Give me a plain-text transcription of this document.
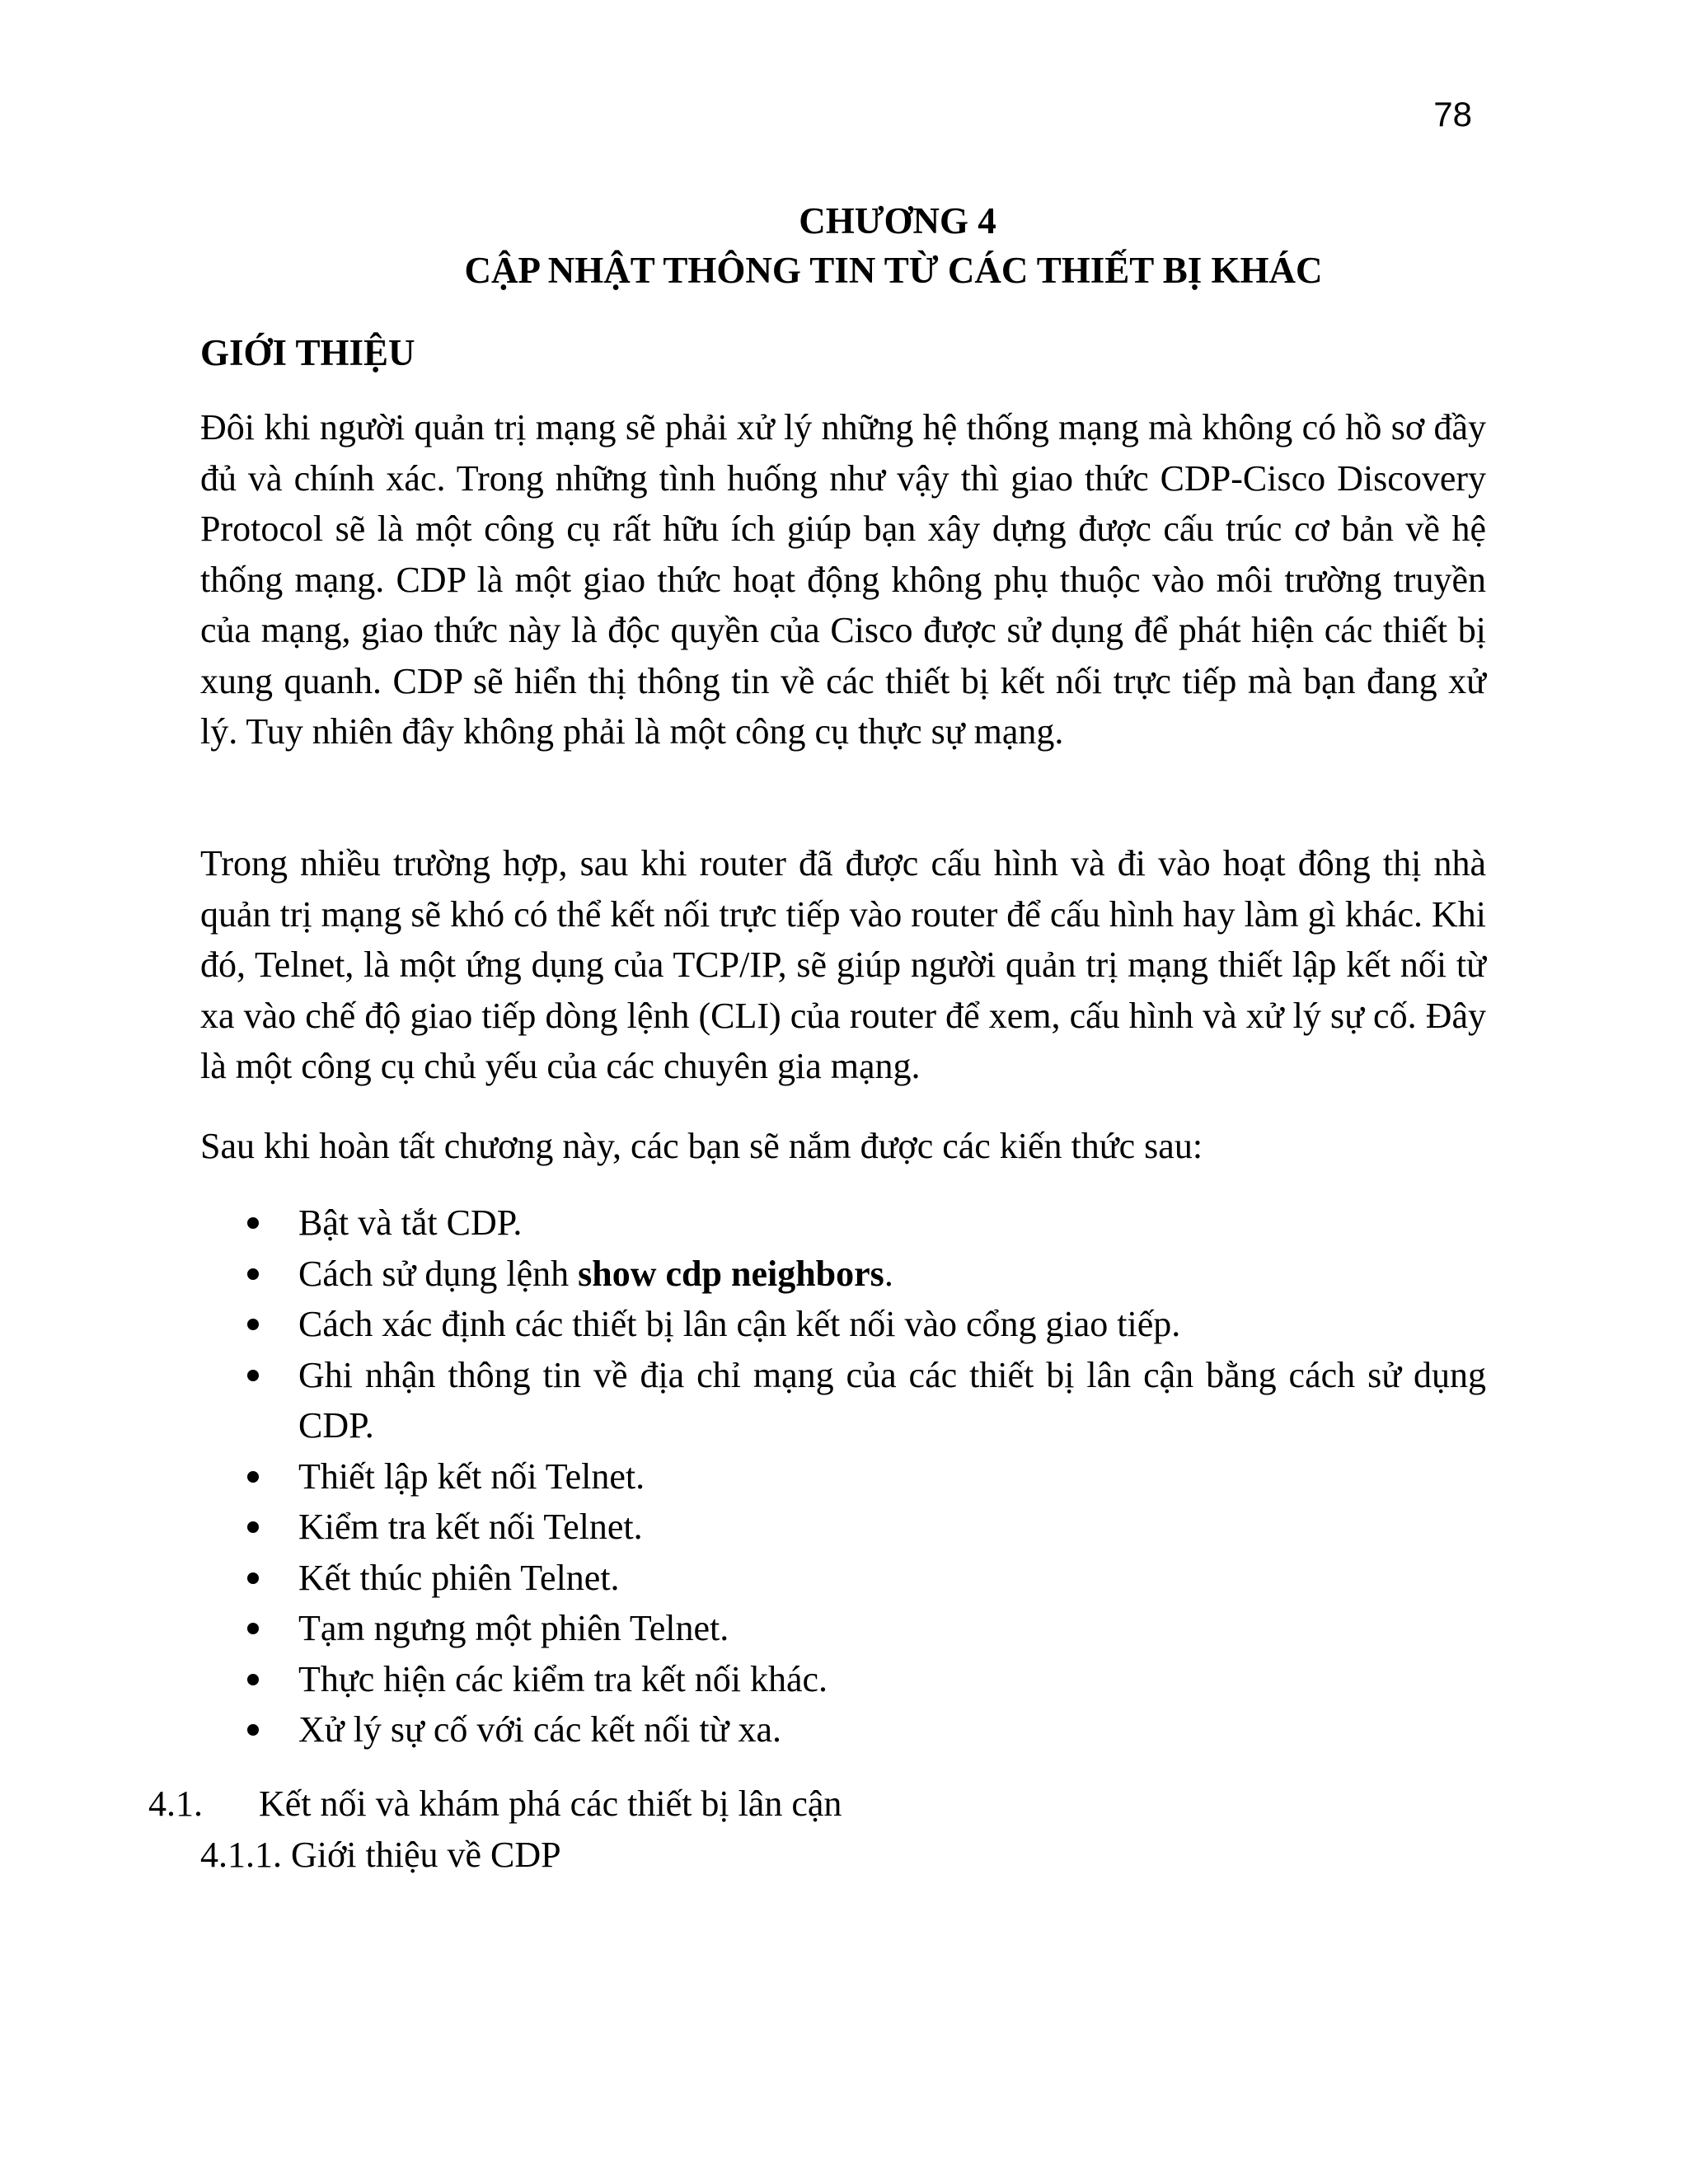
78
CHƯƠNG 4
CẬP NHẬT THÔNG TIN TỪ CÁC THIẾT BỊ KHÁC
GIỚI THIỆU

Đôi khi người quản trị mạng sẽ phải xử lý những hệ thống mạng mà không có hồ sơ đầy đủ và chính xác. Trong những tình huống như vậy thì giao thức CDP-Cisco Discovery Protocol sẽ là một công cụ rất hữu ích giúp bạn xây dựng được cấu trúc cơ bản về hệ thống mạng. CDP là một giao thức hoạt động không phụ thuộc vào môi trường truyền của mạng, giao thức này là độc quyền của Cisco được sử dụng để phát hiện các thiết bị xung quanh. CDP sẽ hiển thị thông tin về các thiết bị kết nối trực tiếp mà bạn đang xử lý. Tuy nhiên đây không phải là một công cụ thực sự mạng.

Trong nhiều trường hợp, sau khi router đã được cấu hình và đi vào hoạt đông thị nhà quản trị mạng sẽ khó có thể kết nối trực tiếp vào router để cấu hình hay làm gì khác. Khi đó, Telnet, là một ứng dụng của TCP/IP, sẽ giúp người quản trị mạng thiết lập kết nối từ xa vào chế độ giao tiếp dòng lệnh (CLI) của router để xem, cấu hình và xử lý sự cố. Đây là một công cụ chủ yếu của các chuyên gia mạng.

Sau khi hoàn tất chương này, các bạn sẽ nắm được các kiến thức sau:

Bật và tắt CDP.
Cách sử dụng lệnh show cdp neighbors.
Cách xác định các thiết bị lân cận kết nối vào cổng giao tiếp.
Ghi nhận thông tin về địa chỉ mạng của các thiết bị lân cận bằng cách sử dụng CDP.
Thiết lập kết nối Telnet.
Kiểm tra kết nối Telnet.
Kết thúc phiên Telnet.
Tạm ngưng một phiên Telnet.
Thực hiện các kiểm tra kết nối khác.
Xử lý sự cố với các kết nối từ xa.
4.1. Kết nối và khám phá các thiết bị lân cận
4.1.1. Giới thiệu về CDP
